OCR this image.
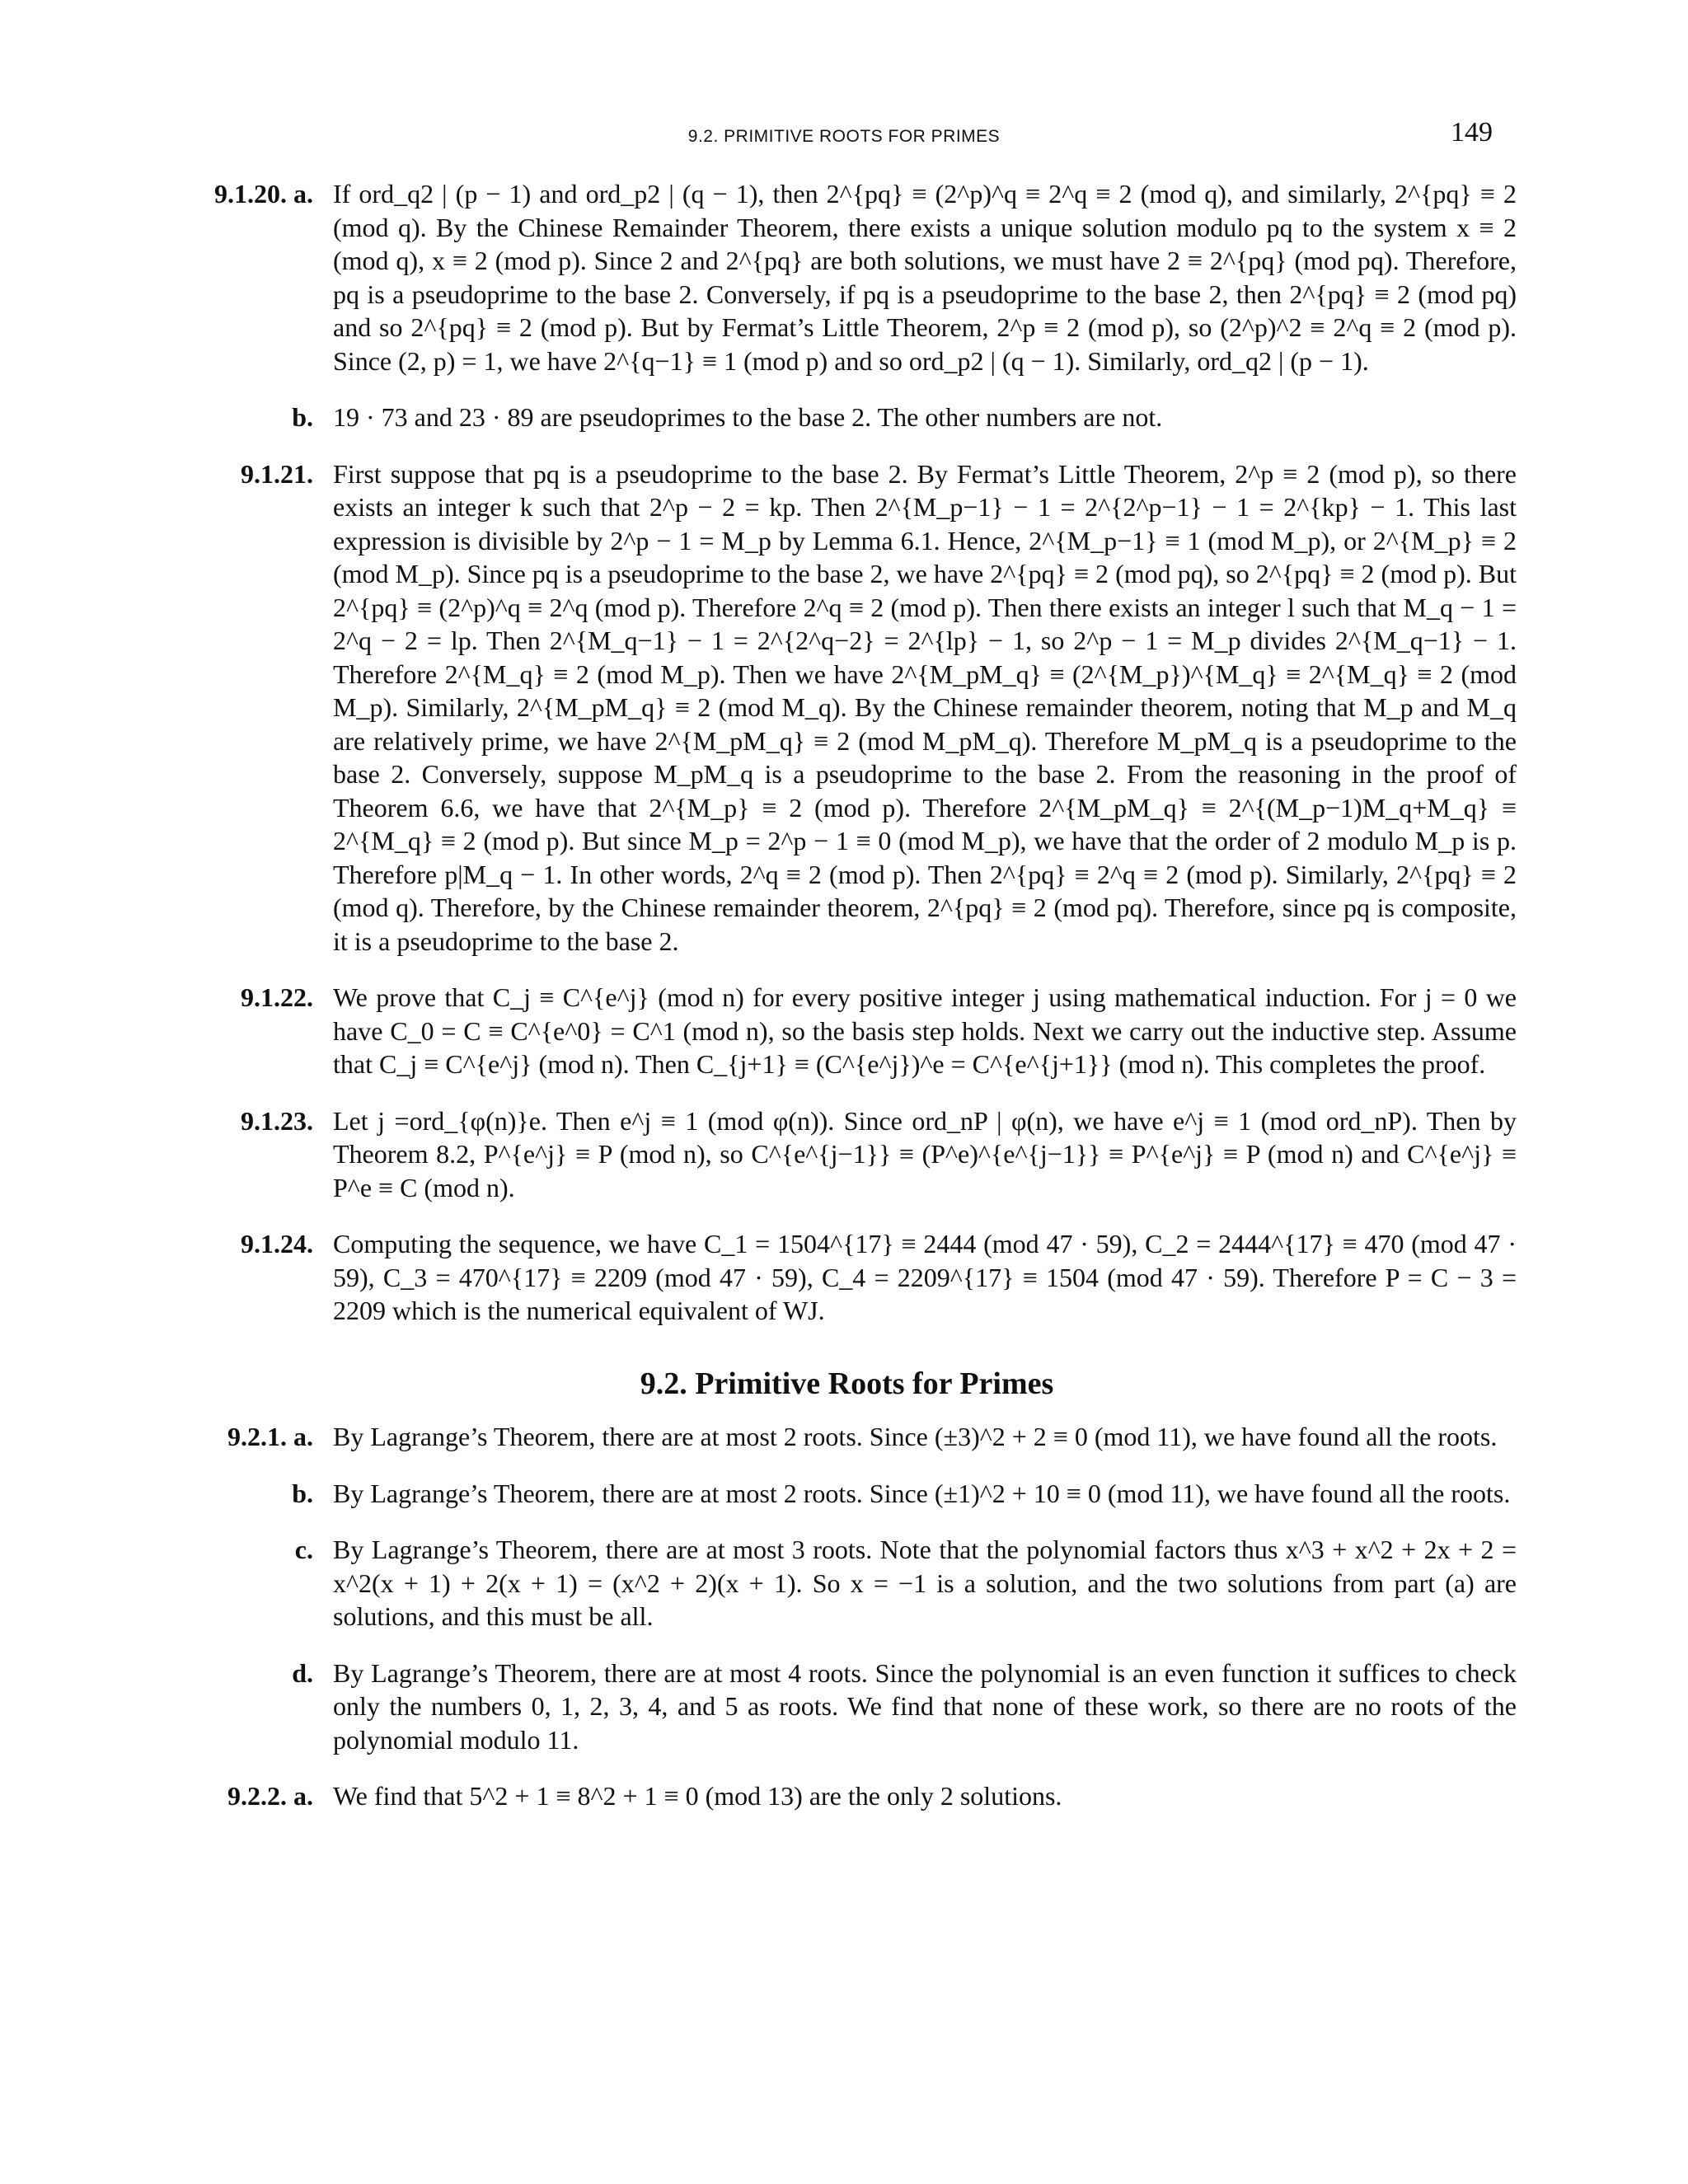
9.2. PRIMITIVE ROOTS FOR PRIMES	149
9.1.20. a. If ord_q2 | (p − 1) and ord_p2 | (q − 1), then 2^{pq} ≡ (2^p)^q ≡ 2^q ≡ 2 (mod q), and similarly, 2^{pq} ≡ 2 (mod q). By the Chinese Remainder Theorem, there exists a unique solution modulo pq to the system x ≡ 2 (mod q), x ≡ 2 (mod p). Since 2 and 2^{pq} are both solutions, we must have 2 ≡ 2^{pq} (mod pq). Therefore, pq is a pseudoprime to the base 2. Conversely, if pq is a pseudoprime to the base 2, then 2^{pq} ≡ 2 (mod pq) and so 2^{pq} ≡ 2 (mod p). But by Fermat’s Little Theorem, 2^p ≡ 2 (mod p), so (2^p)^2 ≡ 2^q ≡ 2 (mod p). Since (2, p) = 1, we have 2^{q−1} ≡ 1 (mod p) and so ord_p2 | (q − 1). Similarly, ord_q2 | (p − 1).
b. 19 · 73 and 23 · 89 are pseudoprimes to the base 2. The other numbers are not.
9.1.21. First suppose that pq is a pseudoprime to the base 2. By Fermat’s Little Theorem, 2^p ≡ 2 (mod p), so there exists an integer k such that 2^p − 2 = kp. Then 2^{M_p−1} − 1 = 2^{2^p−1} − 1 = 2^{kp} − 1. This last expression is divisible by 2^p − 1 = M_p by Lemma 6.1. Hence, 2^{M_p−1} ≡ 1 (mod M_p), or 2^{M_p} ≡ 2 (mod M_p). Since pq is a pseudoprime to the base 2, we have 2^{pq} ≡ 2 (mod pq), so 2^{pq} ≡ 2 (mod p). But 2^{pq} ≡ (2^p)^q ≡ 2^q (mod p). Therefore 2^q ≡ 2 (mod p). Then there exists an integer l such that M_q − 1 = 2^q − 2 = lp. Then 2^{M_q−1} − 1 = 2^{2^q−2} = 2^{lp} − 1, so 2^p − 1 = M_p divides 2^{M_q−1} − 1. Therefore 2^{M_q} ≡ 2 (mod M_p). Then we have 2^{M_pM_q} ≡ (2^{M_p})^{M_q} ≡ 2^{M_q} ≡ 2 (mod M_p). Similarly, 2^{M_pM_q} ≡ 2 (mod M_q). By the Chinese remainder theorem, noting that M_p and M_q are relatively prime, we have 2^{M_pM_q} ≡ 2 (mod M_pM_q). Therefore M_pM_q is a pseudoprime to the base 2. Conversely, suppose M_pM_q is a pseudoprime to the base 2. From the reasoning in the proof of Theorem 6.6, we have that 2^{M_p} ≡ 2 (mod p). Therefore 2^{M_pM_q} ≡ 2^{(M_p−1)M_q+M_q} ≡ 2^{M_q} ≡ 2 (mod p). But since M_p = 2^p − 1 ≡ 0 (mod M_p), we have that the order of 2 modulo M_p is p. Therefore p|M_q − 1. In other words, 2^q ≡ 2 (mod p). Then 2^{pq} ≡ 2^q ≡ 2 (mod p). Similarly, 2^{pq} ≡ 2 (mod q). Therefore, by the Chinese remainder theorem, 2^{pq} ≡ 2 (mod pq). Therefore, since pq is composite, it is a pseudoprime to the base 2.
9.1.22. We prove that C_j ≡ C^{e^j} (mod n) for every positive integer j using mathematical induction. For j = 0 we have C_0 = C ≡ C^{e^0} = C^1 (mod n), so the basis step holds. Next we carry out the inductive step. Assume that C_j ≡ C^{e^j} (mod n). Then C_{j+1} ≡ (C^{e^j})^e = C^{e^{j+1}} (mod n). This completes the proof.
9.1.23. Let j =ord_{φ(n)}e. Then e^j ≡ 1 (mod φ(n)). Since ord_nP | φ(n), we have e^j ≡ 1 (mod ord_nP). Then by Theorem 8.2, P^{e^j} ≡ P (mod n), so C^{e^{j−1}} ≡ (P^e)^{e^{j−1}} ≡ P^{e^j} ≡ P (mod n) and C^{e^j} ≡ P^e ≡ C (mod n).
9.1.24. Computing the sequence, we have C_1 = 1504^{17} ≡ 2444 (mod 47 · 59), C_2 = 2444^{17} ≡ 470 (mod 47 · 59), C_3 = 470^{17} ≡ 2209 (mod 47 · 59), C_4 = 2209^{17} ≡ 1504 (mod 47 · 59). Therefore P = C − 3 = 2209 which is the numerical equivalent of WJ.
9.2. Primitive Roots for Primes
9.2.1. a. By Lagrange’s Theorem, there are at most 2 roots. Since (±3)^2 + 2 ≡ 0 (mod 11), we have found all the roots.
b. By Lagrange’s Theorem, there are at most 2 roots. Since (±1)^2 + 10 ≡ 0 (mod 11), we have found all the roots.
c. By Lagrange’s Theorem, there are at most 3 roots. Note that the polynomial factors thus x^3 + x^2 + 2x + 2 = x^2(x + 1) + 2(x + 1) = (x^2 + 2)(x + 1). So x = −1 is a solution, and the two solutions from part (a) are solutions, and this must be all.
d. By Lagrange’s Theorem, there are at most 4 roots. Since the polynomial is an even function it suffices to check only the numbers 0, 1, 2, 3, 4, and 5 as roots. We find that none of these work, so there are no roots of the polynomial modulo 11.
9.2.2. a. We find that 5^2 + 1 ≡ 8^2 + 1 ≡ 0 (mod 13) are the only 2 solutions.
